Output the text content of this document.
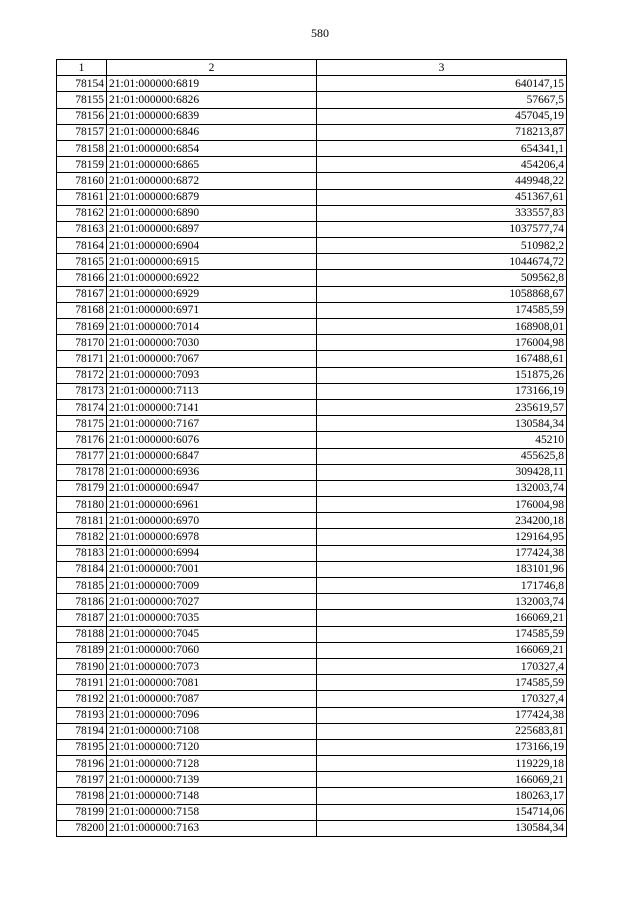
580
1	2	3
78154	21:01:000000:6819	640147,15
78155	21:01:000000:6826	57667,5
78156	21:01:000000:6839	457045,19
78157	21:01:000000:6846	718213,87
78158	21:01:000000:6854	654341,1
78159	21:01:000000:6865	454206,4
78160	21:01:000000:6872	449948,22
78161	21:01:000000:6879	451367,61
78162	21:01:000000:6890	333557,83
78163	21:01:000000:6897	1037577,74
78164	21:01:000000:6904	510982,2
78165	21:01:000000:6915	1044674,72
78166	21:01:000000:6922	509562,8
78167	21:01:000000:6929	1058868,67
78168	21:01:000000:6971	174585,59
78169	21:01:000000:7014	168908,01
78170	21:01:000000:7030	176004,98
78171	21:01:000000:7067	167488,61
78172	21:01:000000:7093	151875,26
78173	21:01:000000:7113	173166,19
78174	21:01:000000:7141	235619,57
78175	21:01:000000:7167	130584,34
78176	21:01:000000:6076	45210
78177	21:01:000000:6847	455625,8
78178	21:01:000000:6936	309428,11
78179	21:01:000000:6947	132003,74
78180	21:01:000000:6961	176004,98
78181	21:01:000000:6970	234200,18
78182	21:01:000000:6978	129164,95
78183	21:01:000000:6994	177424,38
78184	21:01:000000:7001	183101,96
78185	21:01:000000:7009	171746,8
78186	21:01:000000:7027	132003,74
78187	21:01:000000:7035	166069,21
78188	21:01:000000:7045	174585,59
78189	21:01:000000:7060	166069,21
78190	21:01:000000:7073	170327,4
78191	21:01:000000:7081	174585,59
78192	21:01:000000:7087	170327,4
78193	21:01:000000:7096	177424,38
78194	21:01:000000:7108	225683,81
78195	21:01:000000:7120	173166,19
78196	21:01:000000:7128	119229,18
78197	21:01:000000:7139	166069,21
78198	21:01:000000:7148	180263,17
78199	21:01:000000:7158	154714,06
78200	21:01:000000:7163	130584,34
